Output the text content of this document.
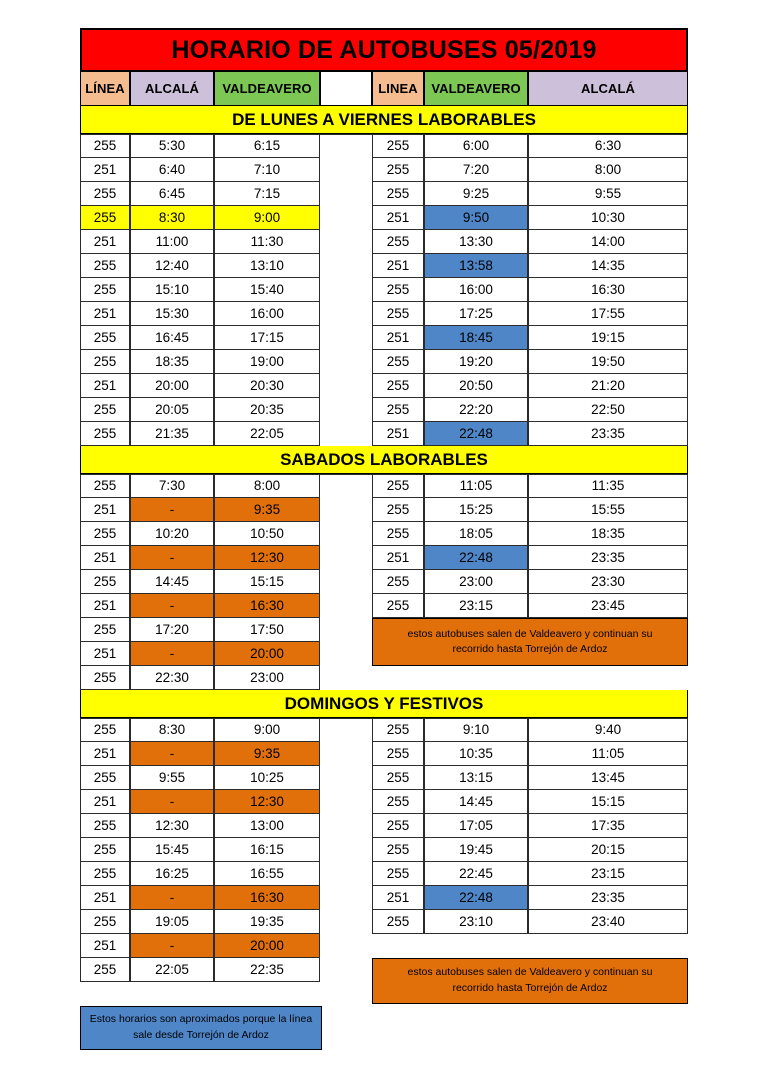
HORARIO DE AUTOBUSES 05/2019
LÍNEA	ALCALÁ	VALDEAVERO	LINEA	VALDEAVERO	ALCALÁ
DE LUNES A VIERNES LABORABLES
255	5:30	6:15	255	6:00	6:30
251	6:40	7:10	255	7:20	8:00
255	6:45	7:15	255	9:25	9:55
255	8:30	9:00	251	9:50	10:30
251	11:00	11:30	255	13:30	14:00
255	12:40	13:10	251	13:58	14:35
255	15:10	15:40	255	16:00	16:30
251	15:30	16:00	255	17:25	17:55
255	16:45	17:15	251	18:45	19:15
255	18:35	19:00	255	19:20	19:50
251	20:00	20:30	255	20:50	21:20
255	20:05	20:35	255	22:20	22:50
255	21:35	22:05	251	22:48	23:35
SABADOS LABORABLES
255	7:30	8:00	255	11:05	11:35
251	-	9:35	255	15:25	15:55
255	10:20	10:50	255	18:05	18:35
251	-	12:30	251	22:48	23:35
255	14:45	15:15	255	23:00	23:30
251	-	16:30	255	23:15	23:45
255	17:20	17:50	estos autobuses salen de Valdeavero y continuan su
recorrido hasta Torrejón de Ardoz
251	-	20:00
255	22:30	23:00
DOMINGOS Y FESTIVOS
255	8:30	9:00	255	9:10	9:40
251	-	9:35	255	10:35	11:05
255	9:55	10:25	255	13:15	13:45
251	-	12:30	255	14:45	15:15
255	12:30	13:00	255	17:05	17:35
255	15:45	16:15	255	19:45	20:15
255	16:25	16:55	255	22:45	23:15
251	-	16:30	251	22:48	23:35
255	19:05	19:35	255	23:10	23:40
251	-	20:00
255	22:05	22:35	estos autobuses salen de Valdeavero y continuan su
recorrido hasta Torrejón de Ardoz
Estos horarios son aproximados porque la línea
sale desde Torrejón de Ardoz
